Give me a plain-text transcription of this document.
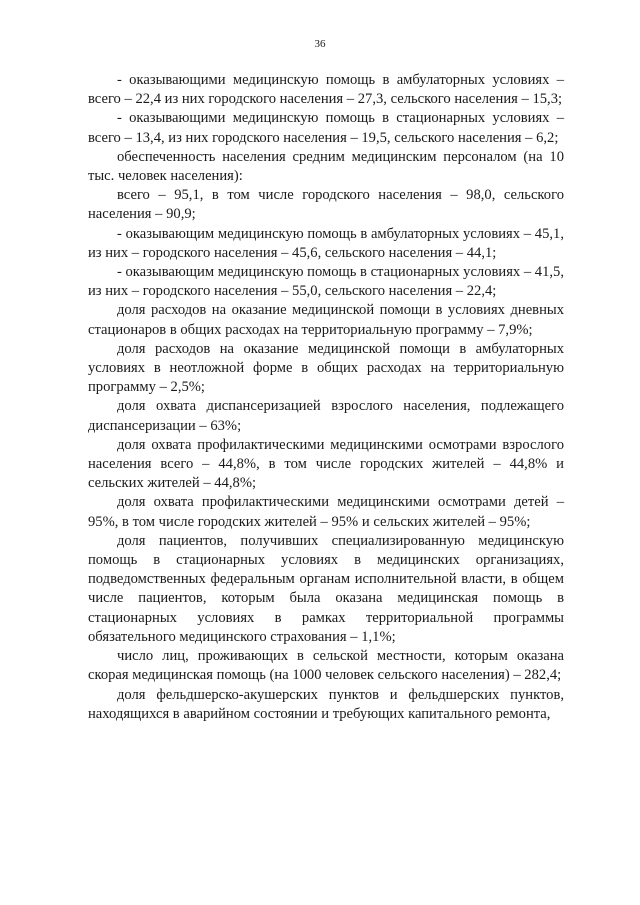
36

- оказывающими медицинскую помощь в амбулаторных условиях – всего – 22,4 из них городского населения – 27,3, сельского населения – 15,3;

- оказывающими медицинскую помощь в стационарных условиях – всего – 13,4, из них городского населения – 19,5, сельского населения – 6,2;

обеспеченность населения средним медицинским персоналом (на 10 тыс. человек населения):

всего – 95,1, в том числе городского населения – 98,0, сельского населения – 90,9;

- оказывающим медицинскую помощь в амбулаторных условиях – 45,1, из них – городского населения – 45,6, сельского населения – 44,1;

- оказывающим медицинскую помощь в стационарных условиях – 41,5, из них – городского населения – 55,0, сельского населения – 22,4;

доля расходов на оказание медицинской помощи в условиях дневных стационаров в общих расходах на территориальную программу – 7,9%;

доля расходов на оказание медицинской помощи в амбулаторных условиях в неотложной форме в общих расходах на территориальную программу – 2,5%;

доля охвата диспансеризацией взрослого населения, подлежащего диспансеризации – 63%;

доля охвата профилактическими медицинскими осмотрами взрослого населения всего – 44,8%, в том числе городских жителей – 44,8% и сельских жителей – 44,8%;

доля охвата профилактическими медицинскими осмотрами детей – 95%, в том числе городских жителей – 95% и сельских жителей – 95%;

доля пациентов, получивших специализированную медицинскую помощь в стационарных условиях в медицинских организациях, подведомственных федеральным органам исполнительной власти, в общем числе пациентов, которым была оказана медицинская помощь в стационарных условиях в рамках территориальной программы обязательного медицинского страхования – 1,1%;

число лиц, проживающих в сельской местности, которым оказана скорая медицинская помощь (на 1000 человек сельского населения) – 282,4;

доля фельдшерско-акушерских пунктов и фельдшерских пунктов, находящихся в аварийном состоянии и требующих капитального ремонта,
